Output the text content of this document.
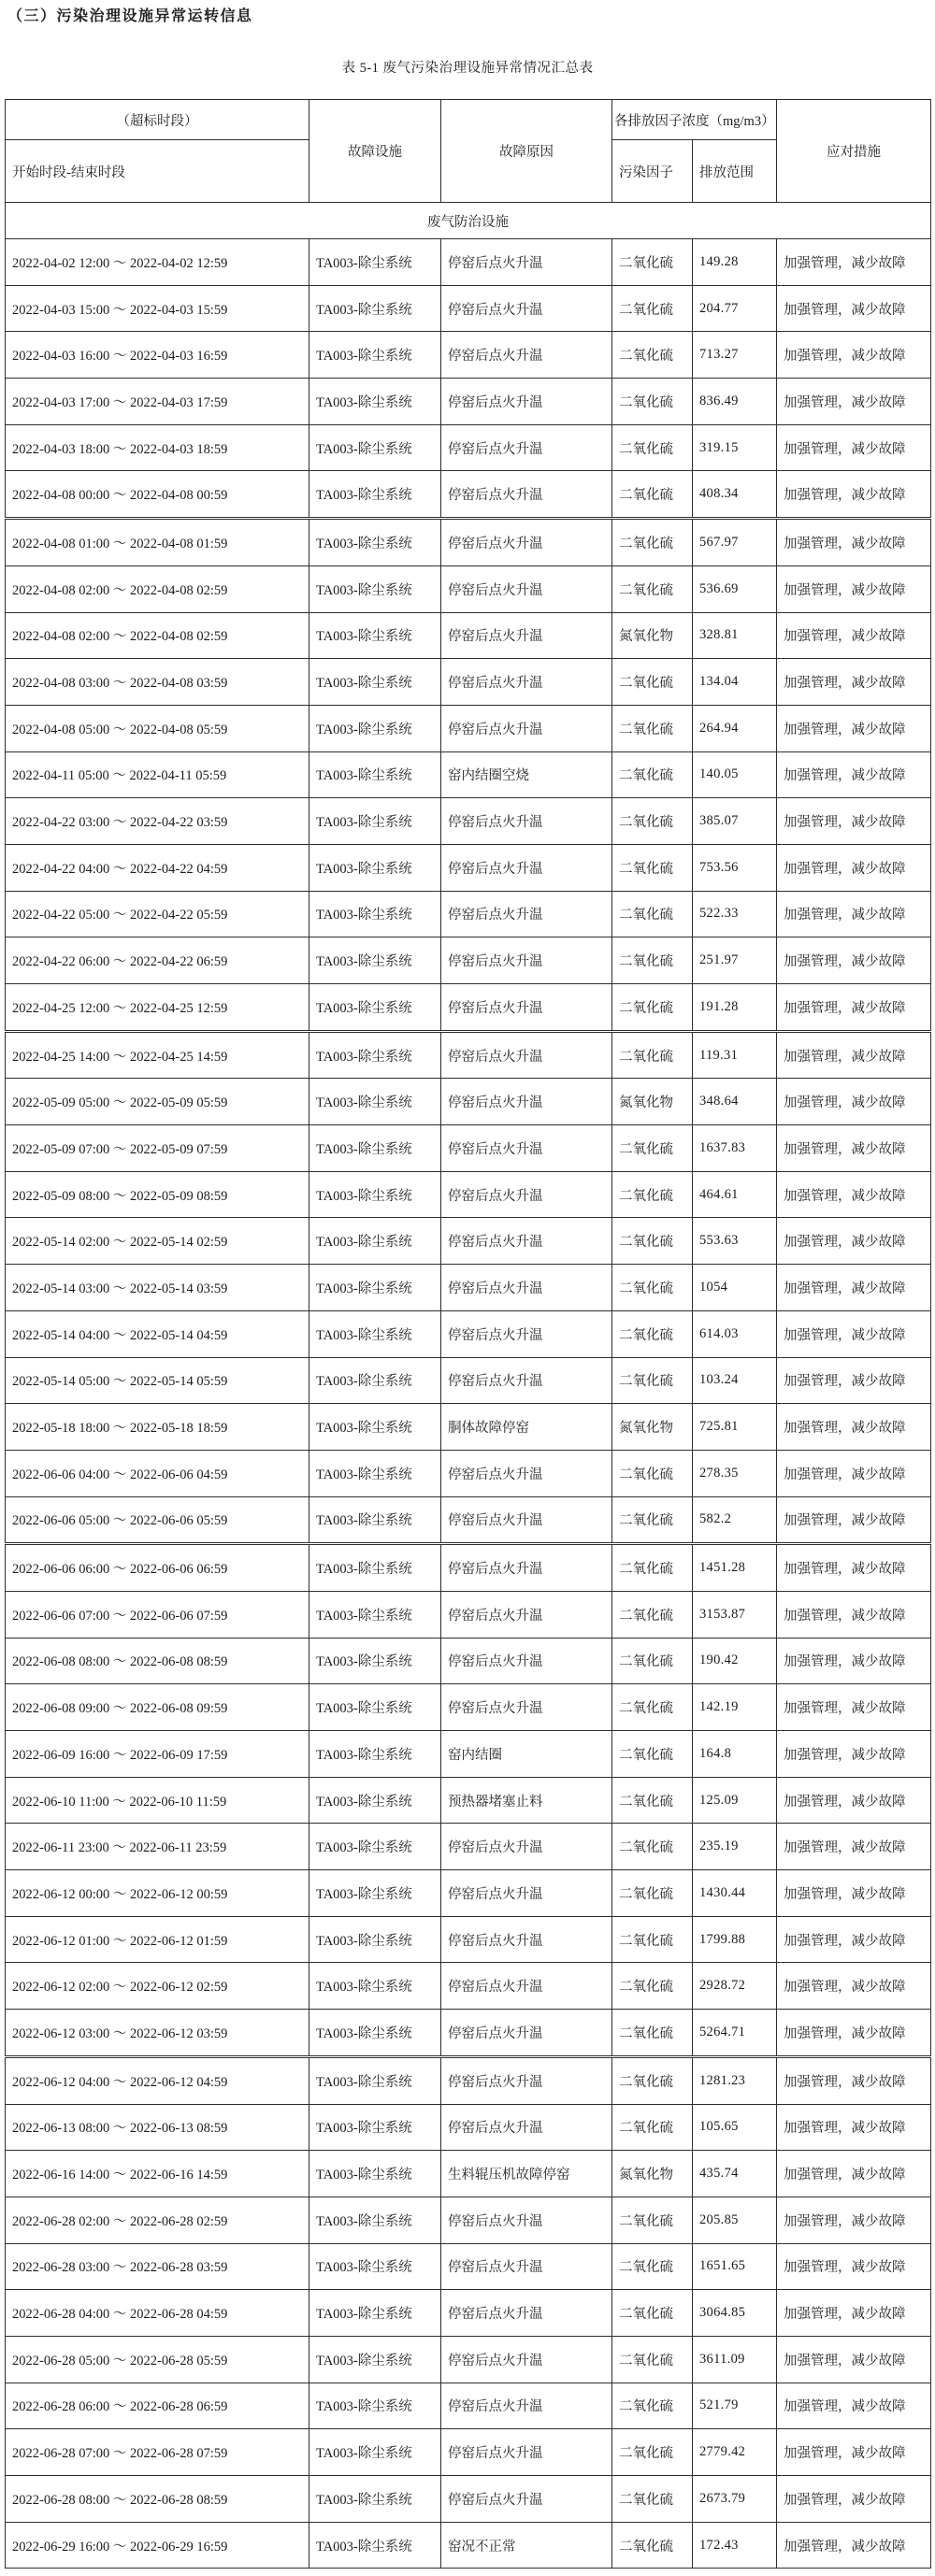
（三）污染治理设施异常运转信息
表 5-1 废气污染治理设施异常情况汇总表
（超标时段）	故障设施	故障原因	各排放因子浓度（mg/m3）		应对措施
开始时段-结束时段			污染因子	排放范围	
废气防治设施					
2022-04-02 12:00 ～ 2022-04-02 12:59	TA003-除尘系统	停窑后点火升温	二氧化硫	149.28	加强管理，减少故障
2022-04-03 15:00 ～ 2022-04-03 15:59	TA003-除尘系统	停窑后点火升温	二氧化硫	204.77	加强管理，减少故障
2022-04-03 16:00 ～ 2022-04-03 16:59	TA003-除尘系统	停窑后点火升温	二氧化硫	713.27	加强管理，减少故障
2022-04-03 17:00 ～ 2022-04-03 17:59	TA003-除尘系统	停窑后点火升温	二氧化硫	836.49	加强管理，减少故障
2022-04-03 18:00 ～ 2022-04-03 18:59	TA003-除尘系统	停窑后点火升温	二氧化硫	319.15	加强管理，减少故障
2022-04-08 00:00 ～ 2022-04-08 00:59	TA003-除尘系统	停窑后点火升温	二氧化硫	408.34	加强管理，减少故障
2022-04-08 01:00 ～ 2022-04-08 01:59	TA003-除尘系统	停窑后点火升温	二氧化硫	567.97	加强管理，减少故障
2022-04-08 02:00 ～ 2022-04-08 02:59	TA003-除尘系统	停窑后点火升温	二氧化硫	536.69	加强管理，减少故障
2022-04-08 02:00 ～ 2022-04-08 02:59	TA003-除尘系统	停窑后点火升温	氮氧化物	328.81	加强管理，减少故障
2022-04-08 03:00 ～ 2022-04-08 03:59	TA003-除尘系统	停窑后点火升温	二氧化硫	134.04	加强管理，减少故障
2022-04-08 05:00 ～ 2022-04-08 05:59	TA003-除尘系统	停窑后点火升温	二氧化硫	264.94	加强管理，减少故障
2022-04-11 05:00 ～ 2022-04-11 05:59	TA003-除尘系统	窑内结圈空烧	二氧化硫	140.05	加强管理，减少故障
2022-04-22 03:00 ～ 2022-04-22 03:59	TA003-除尘系统	停窑后点火升温	二氧化硫	385.07	加强管理，减少故障
2022-04-22 04:00 ～ 2022-04-22 04:59	TA003-除尘系统	停窑后点火升温	二氧化硫	753.56	加强管理，减少故障
2022-04-22 05:00 ～ 2022-04-22 05:59	TA003-除尘系统	停窑后点火升温	二氧化硫	522.33	加强管理，减少故障
2022-04-22 06:00 ～ 2022-04-22 06:59	TA003-除尘系统	停窑后点火升温	二氧化硫	251.97	加强管理，减少故障
2022-04-25 12:00 ～ 2022-04-25 12:59	TA003-除尘系统	停窑后点火升温	二氧化硫	191.28	加强管理，减少故障
2022-04-25 14:00 ～ 2022-04-25 14:59	TA003-除尘系统	停窑后点火升温	二氧化硫	119.31	加强管理，减少故障
2022-05-09 05:00 ～ 2022-05-09 05:59	TA003-除尘系统	停窑后点火升温	氮氧化物	348.64	加强管理，减少故障
2022-05-09 07:00 ～ 2022-05-09 07:59	TA003-除尘系统	停窑后点火升温	二氧化硫	1637.83	加强管理，减少故障
2022-05-09 08:00 ～ 2022-05-09 08:59	TA003-除尘系统	停窑后点火升温	二氧化硫	464.61	加强管理，减少故障
2022-05-14 02:00 ～ 2022-05-14 02:59	TA003-除尘系统	停窑后点火升温	二氧化硫	553.63	加强管理，减少故障
2022-05-14 03:00 ～ 2022-05-14 03:59	TA003-除尘系统	停窑后点火升温	二氧化硫	1054	加强管理，减少故障
2022-05-14 04:00 ～ 2022-05-14 04:59	TA003-除尘系统	停窑后点火升温	二氧化硫	614.03	加强管理，减少故障
2022-05-14 05:00 ～ 2022-05-14 05:59	TA003-除尘系统	停窑后点火升温	二氧化硫	103.24	加强管理，减少故障
2022-05-18 18:00 ～ 2022-05-18 18:59	TA003-除尘系统	胴体故障停窑	氮氧化物	725.81	加强管理，减少故障
2022-06-06 04:00 ～ 2022-06-06 04:59	TA003-除尘系统	停窑后点火升温	二氧化硫	278.35	加强管理，减少故障
2022-06-06 05:00 ～ 2022-06-06 05:59	TA003-除尘系统	停窑后点火升温	二氧化硫	582.2	加强管理，减少故障
2022-06-06 06:00 ～ 2022-06-06 06:59	TA003-除尘系统	停窑后点火升温	二氧化硫	1451.28	加强管理，减少故障
2022-06-06 07:00 ～ 2022-06-06 07:59	TA003-除尘系统	停窑后点火升温	二氧化硫	3153.87	加强管理，减少故障
2022-06-08 08:00 ～ 2022-06-08 08:59	TA003-除尘系统	停窑后点火升温	二氧化硫	190.42	加强管理，减少故障
2022-06-08 09:00 ～ 2022-06-08 09:59	TA003-除尘系统	停窑后点火升温	二氧化硫	142.19	加强管理，减少故障
2022-06-09 16:00 ～ 2022-06-09 17:59	TA003-除尘系统	窑内结圈	二氧化硫	164.8	加强管理，减少故障
2022-06-10 11:00 ～ 2022-06-10 11:59	TA003-除尘系统	预热器堵塞止料	二氧化硫	125.09	加强管理，减少故障
2022-06-11 23:00 ～ 2022-06-11 23:59	TA003-除尘系统	停窑后点火升温	二氧化硫	235.19	加强管理，减少故障
2022-06-12 00:00 ～ 2022-06-12 00:59	TA003-除尘系统	停窑后点火升温	二氧化硫	1430.44	加强管理，减少故障
2022-06-12 01:00 ～ 2022-06-12 01:59	TA003-除尘系统	停窑后点火升温	二氧化硫	1799.88	加强管理，减少故障
2022-06-12 02:00 ～ 2022-06-12 02:59	TA003-除尘系统	停窑后点火升温	二氧化硫	2928.72	加强管理，减少故障
2022-06-12 03:00 ～ 2022-06-12 03:59	TA003-除尘系统	停窑后点火升温	二氧化硫	5264.71	加强管理，减少故障
2022-06-12 04:00 ～ 2022-06-12 04:59	TA003-除尘系统	停窑后点火升温	二氧化硫	1281.23	加强管理，减少故障
2022-06-13 08:00 ～ 2022-06-13 08:59	TA003-除尘系统	停窑后点火升温	二氧化硫	105.65	加强管理，减少故障
2022-06-16 14:00 ～ 2022-06-16 14:59	TA003-除尘系统	生料辊压机故障停窑	氮氧化物	435.74	加强管理，减少故障
2022-06-28 02:00 ～ 2022-06-28 02:59	TA003-除尘系统	停窑后点火升温	二氧化硫	205.85	加强管理，减少故障
2022-06-28 03:00 ～ 2022-06-28 03:59	TA003-除尘系统	停窑后点火升温	二氧化硫	1651.65	加强管理，减少故障
2022-06-28 04:00 ～ 2022-06-28 04:59	TA003-除尘系统	停窑后点火升温	二氧化硫	3064.85	加强管理，减少故障
2022-06-28 05:00 ～ 2022-06-28 05:59	TA003-除尘系统	停窑后点火升温	二氧化硫	3611.09	加强管理，减少故障
2022-06-28 06:00 ～ 2022-06-28 06:59	TA003-除尘系统	停窑后点火升温	二氧化硫	521.79	加强管理，减少故障
2022-06-28 07:00 ～ 2022-06-28 07:59	TA003-除尘系统	停窑后点火升温	二氧化硫	2779.42	加强管理，减少故障
2022-06-28 08:00 ～ 2022-06-28 08:59	TA003-除尘系统	停窑后点火升温	二氧化硫	2673.79	加强管理，减少故障
2022-06-29 16:00 ～ 2022-06-29 16:59	TA003-除尘系统	窑况不正常	二氧化硫	172.43	加强管理，减少故障
